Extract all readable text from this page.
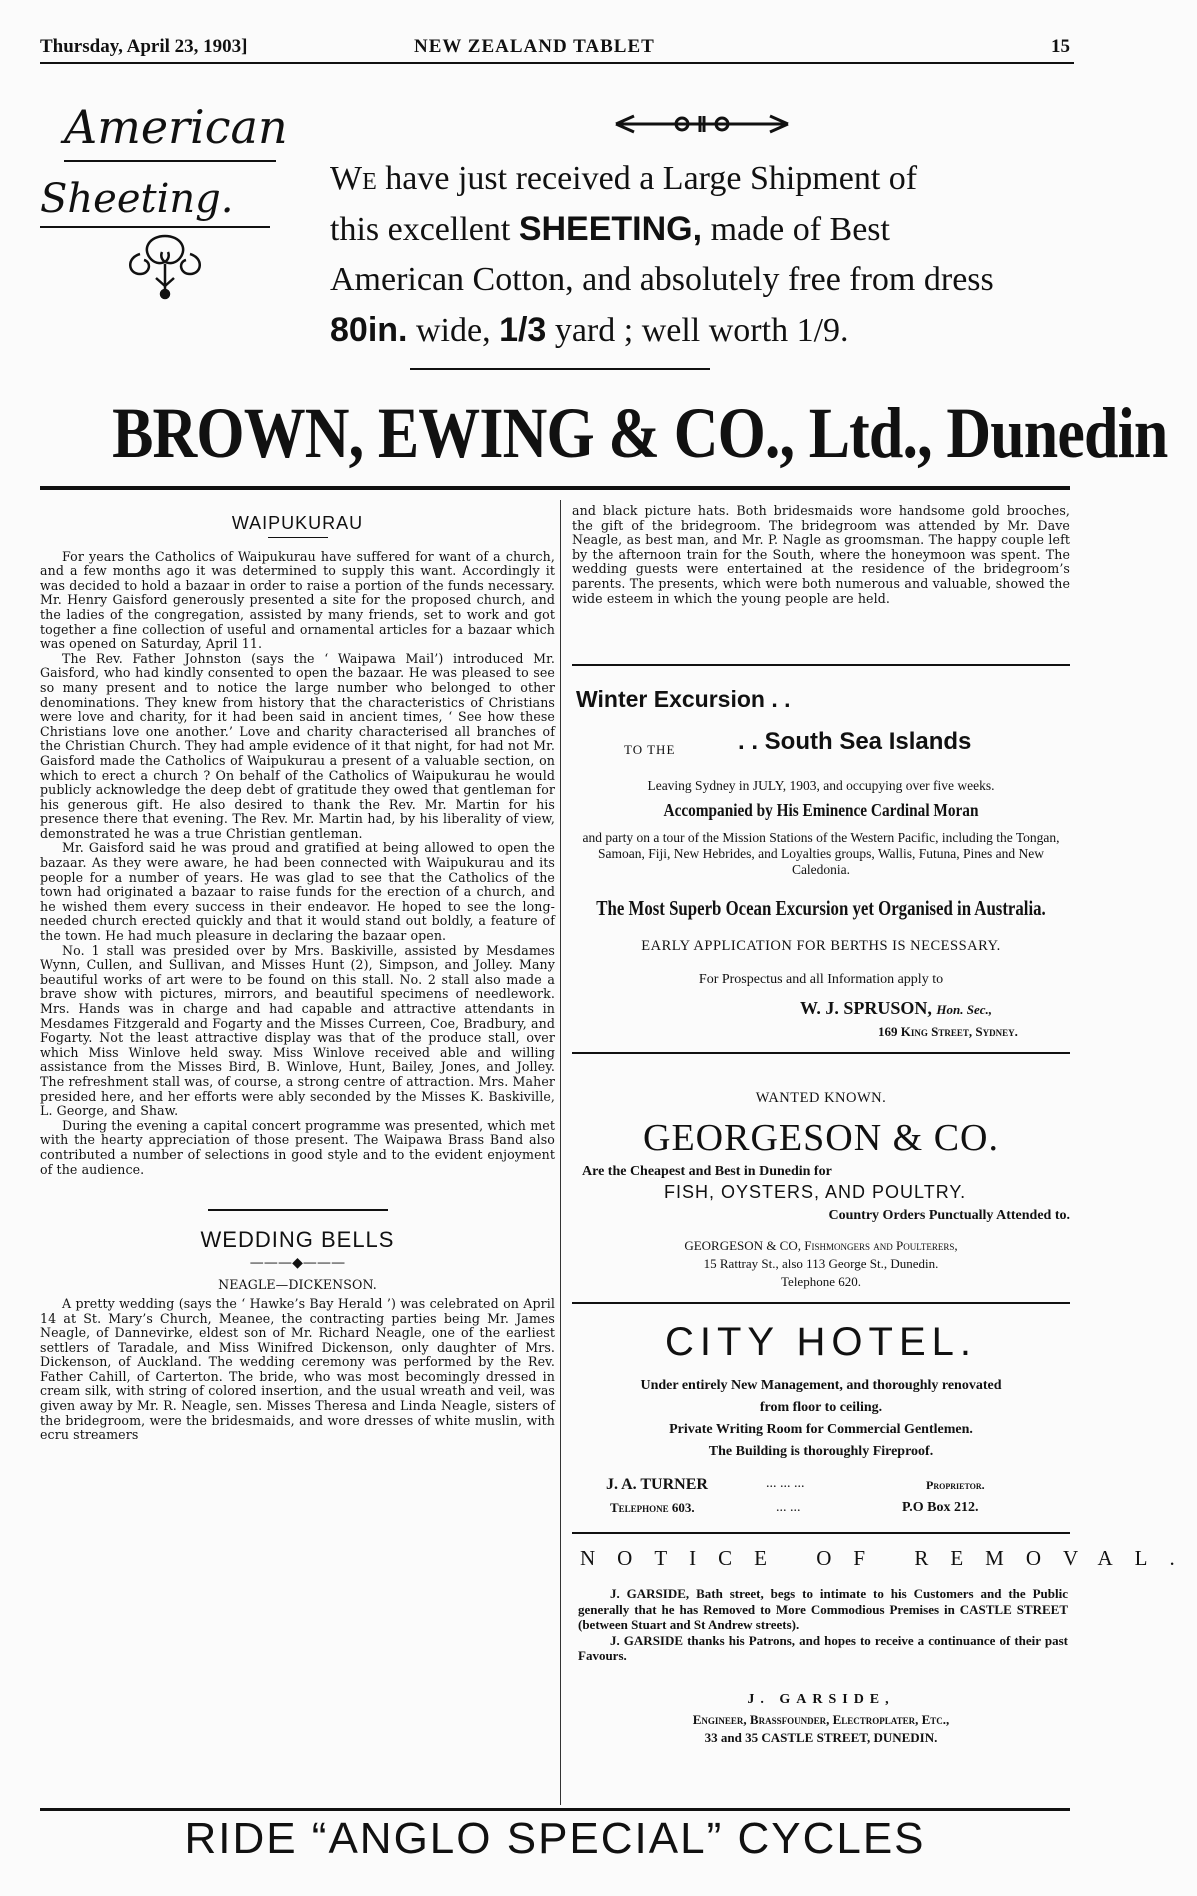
Thursday, April 23, 1903]	NEW ZEALAND TABLET	15
American
Sheeting.	We have just received a Large Shipment of
this excellent SHEETING, made of Best
American Cotton, and absolutely free from dress
80in. wide, 1/3 yard ; well worth 1/9.
BROWN, EWING & CO., Ltd., Dunedin
WAIPUKURAU

For years the Catholics of Waipukurau have suffered for want of a church, and a few months ago it was determined to supply this want. Accordingly it was decided to hold a bazaar in order to raise a portion of the funds necessary. Mr. Henry Gaisford generously presented a site for the proposed church, and the ladies of the congregation, assisted by many friends, set to work and got together a fine collection of useful and ornamental articles for a bazaar which was opened on Saturday, April 11.

The Rev. Father Johnston (says the ‘ Waipawa Mail’) introduced Mr. Gaisford, who had kindly consented to open the bazaar. He was pleased to see so many present and to notice the large number who belonged to other denominations. They knew from history that the characteristics of Christians were love and charity, for it had been said in ancient times, ‘ See how these Christians love one another.’ Love and charity characterised all branches of the Christian Church. They had ample evidence of it that night, for had not Mr. Gaisford made the Catholics of Waipukurau a present of a valuable section, on which to erect a church ? On behalf of the Catholics of Waipukurau he would publicly acknowledge the deep debt of gratitude they owed that gentleman for his generous gift. He also desired to thank the Rev. Mr. Martin for his presence there that evening. The Rev. Mr. Martin had, by his liberality of view, demonstrated he was a true Christian gentleman.

Mr. Gaisford said he was proud and gratified at being allowed to open the bazaar. As they were aware, he had been connected with Waipukurau and its people for a number of years. He was glad to see that the Catholics of the town had originated a bazaar to raise funds for the erection of a church, and he wished them every success in their endeavor. He hoped to see the long-needed church erected quickly and that it would stand out boldly, a feature of the town. He had much pleasure in declaring the bazaar open.

No. 1 stall was presided over by Mrs. Baskiville, assisted by Mesdames Wynn, Cullen, and Sullivan, and Misses Hunt (2), Simpson, and Jolley. Many beautiful works of art were to be found on this stall. No. 2 stall also made a brave show with pictures, mirrors, and beautiful specimens of needlework. Mrs. Hands was in charge and had capable and attractive attendants in Mesdames Fitzgerald and Fogarty and the Misses Curreen, Coe, Bradbury, and Fogarty. Not the least attractive display was that of the produce stall, over which Miss Winlove held sway. Miss Winlove received able and willing assistance from the Misses Bird, B. Winlove, Hunt, Bailey, Jones, and Jolley. The refreshment stall was, of course, a strong centre of attraction. Mrs. Maher presided here, and her efforts were ably seconded by the Misses K. Baskiville, L. George, and Shaw.

During the evening a capital concert programme was presented, which met with the hearty appreciation of those present. The Waipawa Brass Band also contributed a number of selections in good style and to the evident enjoyment of the audience.

WEDDING BELLS
———◆———
NEAGLE—DICKENSON.

A pretty wedding (says the ‘ Hawke’s Bay Herald ’) was celebrated on April 14 at St. Mary’s Church, Meanee, the contracting parties being Mr. James Neagle, of Dannevirke, eldest son of Mr. Richard Neagle, one of the earliest settlers of Taradale, and Miss Winifred Dickenson, only daughter of Mrs. Dickenson, of Auckland. The wedding ceremony was performed by the Rev. Father Cahill, of Carterton. The bride, who was most becomingly dressed in cream silk, with string of colored insertion, and the usual wreath and veil, was given away by Mr. R. Neagle, sen. Misses Theresa and Linda Neagle, sisters of the bridegroom, were the bridesmaids, and wore dresses of white muslin, with ecru streamers

and black picture hats. Both bridesmaids wore handsome gold brooches, the gift of the bridegroom. The bridegroom was attended by Mr. Dave Neagle, as best man, and Mr. P. Nagle as groomsman. The happy couple left by the afternoon train for the South, where the honeymoon was spent. The wedding guests were entertained at the residence of the bridegroom’s parents. The presents, which were both numerous and valuable, showed the wide esteem in which the young people are held.

Winter Excursion . .
TO THE	. . South Sea Islands
Leaving Sydney in JULY, 1903, and occupying over five weeks.
Accompanied by His Eminence Cardinal Moran
and party on a tour of the Mission Stations of the Western Pacific, including the Tongan, Samoan, Fiji, New Hebrides, and Loyalties groups, Wallis, Futuna, Pines and New Caledonia.
The Most Superb Ocean Excursion yet Organised in Australia.
EARLY APPLICATION FOR BERTHS IS NECESSARY.
For Prospectus and all Information apply to
W. J. SPRUSON, Hon. Sec.,
169 King Street, Sydney.
WANTED KNOWN.
GEORGESON & CO.
Are the Cheapest and Best in Dunedin for
FISH, OYSTERS, AND POULTRY.
Country Orders Punctually Attended to.
GEORGESON & CO, Fishmongers and Poulterers,
15 Rattray St., also 113 George St., Dunedin.
Telephone 620.
CITY HOTEL.
Under entirely New Management, and thoroughly renovated
from floor to ceiling.
Private Writing Room for Commercial Gentlemen.
The Building is thoroughly Fireproof.
J. A. TURNER	... ... ...	Proprietor.
Telephone 603.	... ...	P.O Box 212.
NOTICE OF REMOVAL.

J. GARSIDE, Bath street, begs to intimate to his Customers and the Public generally that he has Removed to More Commodious Premises in CASTLE STREET (between Stuart and St Andrew streets).

J. GARSIDE thanks his Patrons, and hopes to receive a continuance of their past Favours.

J. GARSIDE,
Engineer, Brassfounder, Electroplater, Etc.,
33 and 35 CASTLE STREET, DUNEDIN.
RIDE “ANGLO SPECIAL” CYCLES
